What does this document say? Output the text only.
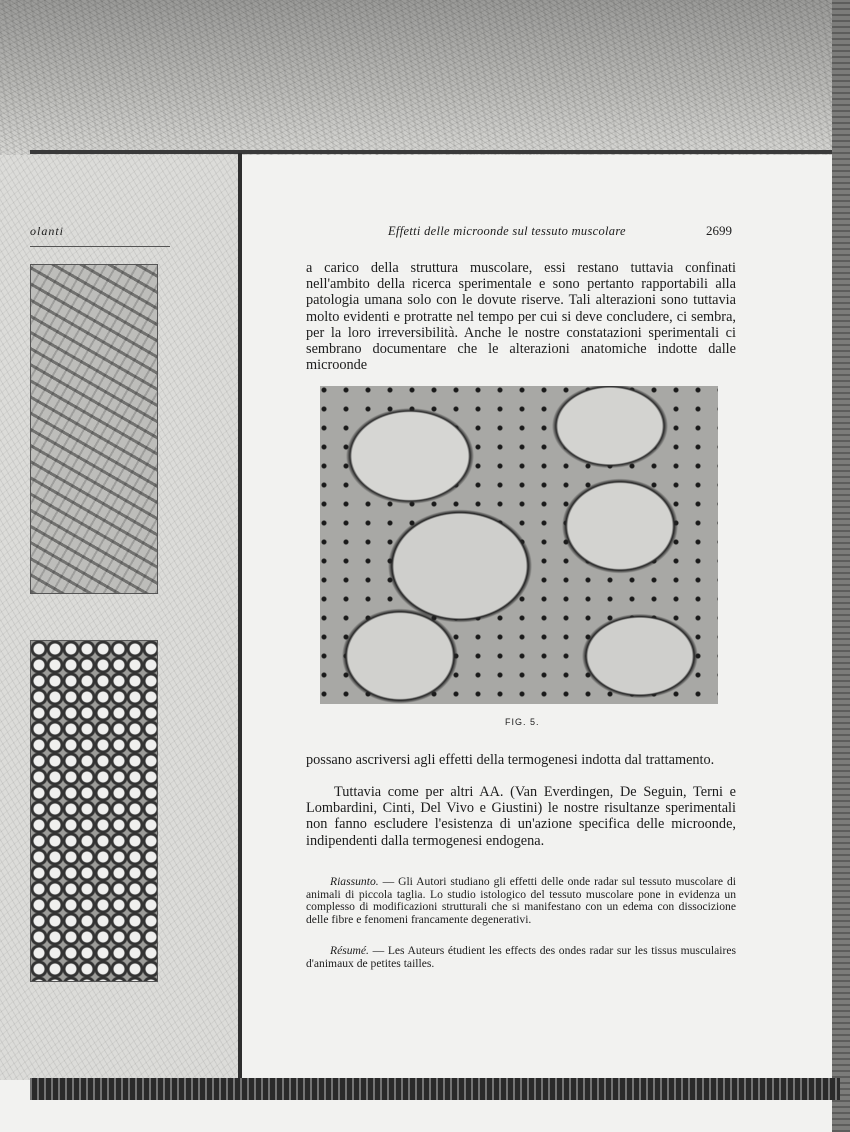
olanti	Effetti delle microonde sul tessuto muscolare	2699

a carico della struttura muscolare, essi restano tuttavia confinati nell'ambito della ricerca sperimentale e sono pertanto rapportabili alla patologia umana solo con le dovute riserve. Tali alterazioni sono tuttavia molto evidenti e protratte nel tempo per cui si deve concludere, ci sembra, per la loro irreversibilità. Anche le nostre constatazioni sperimentali ci sembrano documentare che le alterazioni anatomiche indotte dalle microonde

FIG. 5.

possano ascriversi agli effetti della termogenesi indotta dal trattamento.

Tuttavia come per altri AA. (Van Everdingen, De Seguin, Terni e Lombardini, Cinti, Del Vivo e Giustini) le nostre risultanze sperimentali non fanno escludere l'esistenza di un'azione specifica delle microonde, indipendenti dalla termogenesi endogena.

Riassunto. — Gli Autori studiano gli effetti delle onde radar sul tessuto muscolare di animali di piccola taglia. Lo studio istologico del tessuto muscolare pone in evidenza un complesso di modificazioni strutturali che si manifestano con un edema con dissocizione delle fibre e fenomeni francamente degenerativi.

Résumé. — Les Auteurs étudient les effects des ondes radar sur les tissus musculaires d'animaux de petites tailles.
